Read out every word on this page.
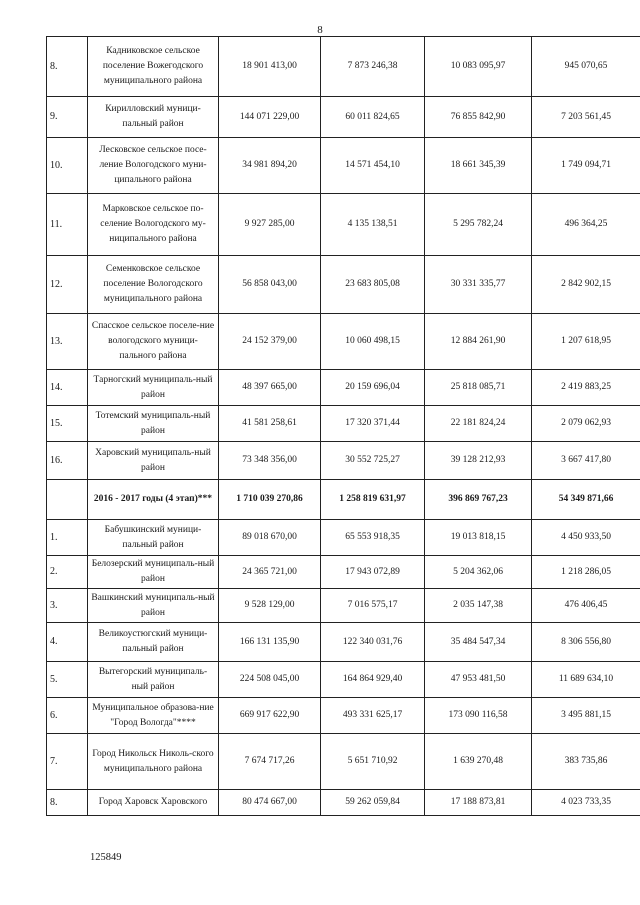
8
8.	Кадниковское сельское поселение Вожегодского муниципального района	18 901 413,00	7 873 246,38	10 083 095,97	945 070,65
9.	Кирилловский муници-пальный район	144 071 229,00	60 011 824,65	76 855 842,90	7 203 561,45
10.	Лесковское сельское посе-ление Вологодского муни-ципального района	34 981 894,20	14 571 454,10	18 661 345,39	1 749 094,71
11.	Марковское сельское по-селение Вологодского му-ниципального района	9 927 285,00	4 135 138,51	5 295 782,24	496 364,25
12.	Семенковское сельское поселение Вологодского муниципального района	56 858 043,00	23 683 805,08	30 331 335,77	2 842 902,15
13.	Спасское сельское поселе-ние вологодского муници-пального района	24 152 379,00	10 060 498,15	12 884 261,90	1 207 618,95
14.	Тарногский муниципаль-ный район	48 397 665,00	20 159 696,04	25 818 085,71	2 419 883,25
15.	Тотемский муниципаль-ный район	41 581 258,61	17 320 371,44	22 181 824,24	2 079 062,93
16.	Харовский муниципаль-ный район	73 348 356,00	30 552 725,27	39 128 212,93	3 667 417,80
	2016 - 2017 годы (4 этап)***	1 710 039 270,86	1 258 819 631,97	396 869 767,23	54 349 871,66
1.	Бабушкинский муници-пальный район	89 018 670,00	65 553 918,35	19 013 818,15	4 450 933,50
2.	Белозерский муниципаль-ный район	24 365 721,00	17 943 072,89	5 204 362,06	1 218 286,05
3.	Вашкинский муниципаль-ный район	9 528 129,00	7 016 575,17	2 035 147,38	476 406,45
4.	Великоустюгский муници-пальный район	166 131 135,90	122 340 031,76	35 484 547,34	8 306 556,80
5.	Вытегорский муниципаль-ный район	224 508 045,00	164 864 929,40	47 953 481,50	11 689 634,10
6.	Муниципальное образова-ние "Город Вологда"****	669 917 622,90	493 331 625,17	173 090 116,58	3 495 881,15
7.	Город Никольск Николь-ского муниципального района	7 674 717,26	5 651 710,92	1 639 270,48	383 735,86
8.	Город Харовск Харовского	80 474 667,00	59 262 059,84	17 188 873,81	4 023 733,35
125849
